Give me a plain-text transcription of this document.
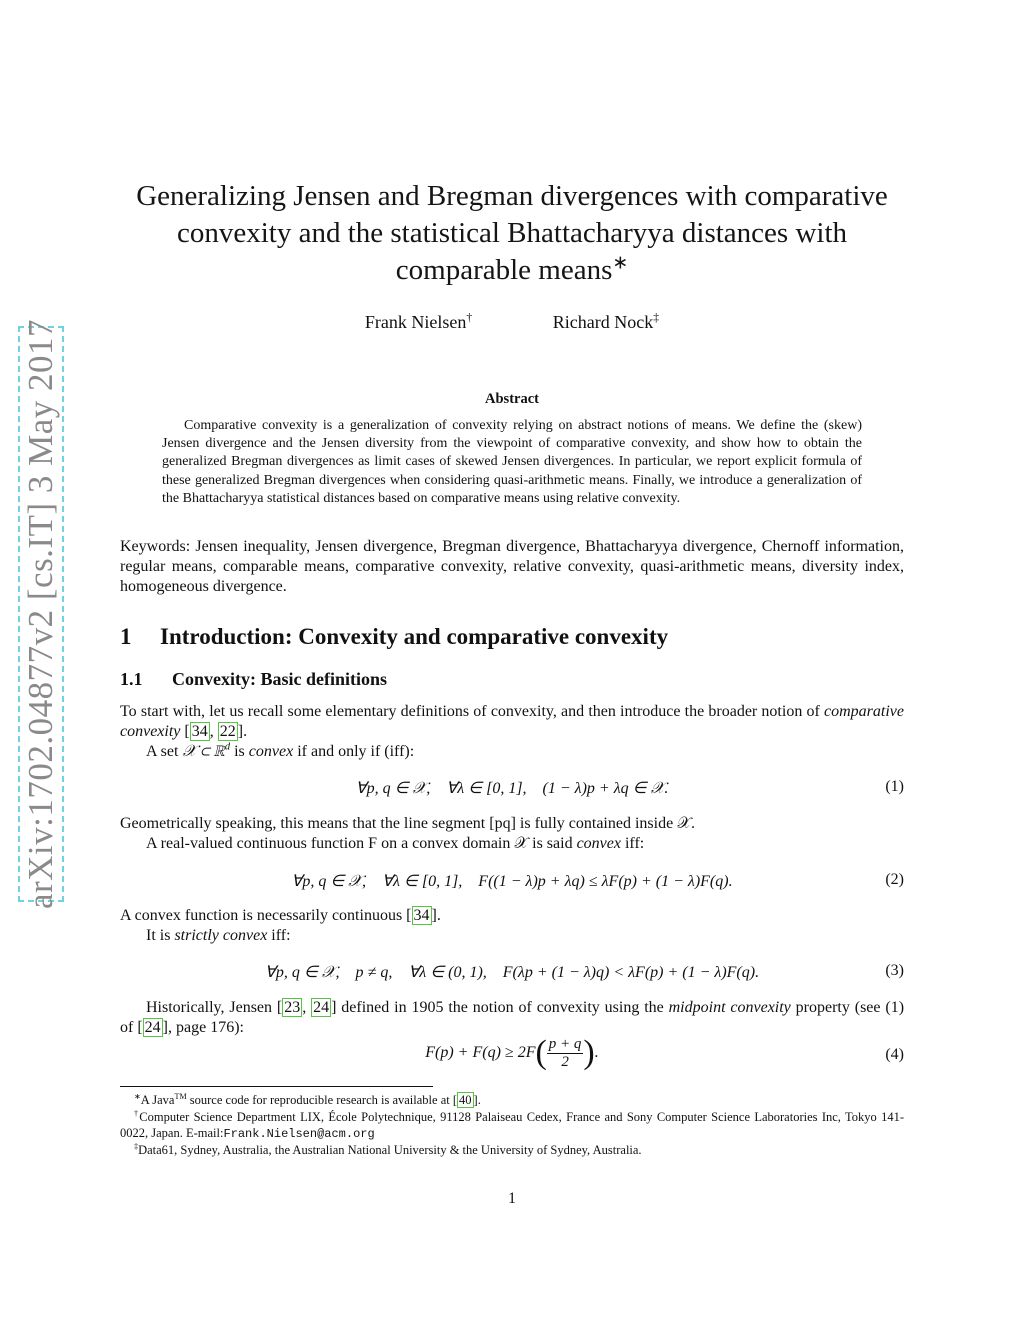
arXiv:1702.04877v2 [cs.IT] 3 May 2017
Generalizing Jensen and Bregman divergences with comparative
convexity and the statistical Bhattacharyya distances with
comparable means∗
Frank Nielsen†	Richard Nock‡
Abstract

Comparative convexity is a generalization of convexity relying on abstract notions of means. We define the (skew) Jensen divergence and the Jensen diversity from the viewpoint of comparative convexity, and show how to obtain the generalized Bregman divergences as limit cases of skewed Jensen divergences. In particular, we report explicit formula of these generalized Bregman divergences when considering quasi-arithmetic means. Finally, we introduce a generalization of the Bhattacharyya statistical distances based on comparative means using relative convexity.

Keywords: Jensen inequality, Jensen divergence, Bregman divergence, Bhattacharyya divergence, Chernoff information, regular means, comparable means, comparative convexity, relative convexity, quasi-arithmetic means, diversity index, homogeneous divergence.
1 Introduction: Convexity and comparative convexity
1.1 Convexity: Basic definitions
To start with, let us recall some elementary definitions of convexity, and then introduce the broader notion of comparative convexity [ 34 , 22 ].
A set 𝒳 ⊂ ℝ$^d$ is convex if and only if (iff):
∀p, q ∈ 𝒳,    ∀λ ∈ [0, 1],    (1 − λ)p + λq ∈ 𝒳.	(1)
Geometrically speaking, this means that the line segment [pq] is fully contained inside 𝒳.
A real-valued continuous function F on a convex domain 𝒳 is said convex iff:
∀p, q ∈ 𝒳,    ∀λ ∈ [0, 1],    F((1 − λ)p + λq) ≤ λF(p) + (1 − λ)F(q).	(2)
A convex function is necessarily continuous [ 34 ].
It is strictly convex iff:
∀p, q ∈ 𝒳,    p ≠ q,    ∀λ ∈ (0, 1),    F(λp + (1 − λ)q) < λF(p) + (1 − λ)F(q).	(3)
Historically, Jensen [ 23 , 24 ] defined in 1905 the notion of convexity using the midpoint convexity property (see (1) of [ 24 ], page 176):
$F(p) + F(q) \ge 2F( \frac{p + q}{2}$ ).	(4)
∗A Java™ source code for reproducible research is available at [ 40 ].
†Computer Science Department LIX, École Polytechnique, 91128 Palaiseau Cedex, France and Sony Computer Science Laboratories Inc, Tokyo 141-0022, Japan. E-mail:Frank.Nielsen@acm.org
‡Data61, Sydney, Australia, the Australian National University & the University of Sydney, Australia.
1
